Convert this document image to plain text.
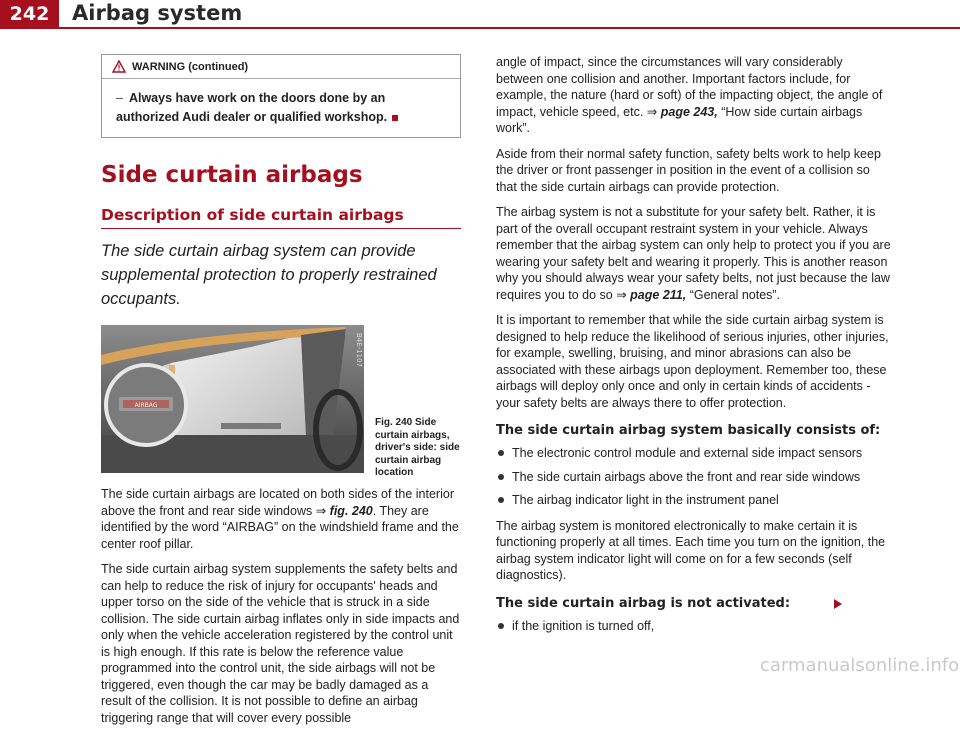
242	Airbag system
WARNING (continued)
– Always have work on the doors done by an authorized Audi dealer or qualified workshop.
Side curtain airbags
Description of side curtain airbags

The side curtain airbag system can provide supplemental protection to properly restrained occupants.

AIRBAG
B4E-1107
Fig. 240 Side curtain airbags, driver's side: side curtain airbag location

The side curtain airbags are located on both sides of the interior above the front and rear side windows ⇒ fig. 240. They are identified by the word “AIRBAG” on the windshield frame and the center roof pillar.

The side curtain airbag system supplements the safety belts and can help to reduce the risk of injury for occupants' heads and upper torso on the side of the vehicle that is struck in a side collision. The side curtain airbag inflates only in side impacts and only when the vehicle acceleration registered by the control unit is high enough. If this rate is below the reference value programmed into the control unit, the side airbags will not be triggered, even though the car may be badly damaged as a result of the collision. It is not possible to define an airbag triggering range that will cover every possible

angle of impact, since the circumstances will vary considerably between one collision and another. Important factors include, for example, the nature (hard or soft) of the impacting object, the angle of impact, vehicle speed, etc. ⇒ page 243, “How side curtain airbags work”.

Aside from their normal safety function, safety belts work to help keep the driver or front passenger in position in the event of a collision so that the side curtain airbags can provide protection.

The airbag system is not a substitute for your safety belt. Rather, it is part of the overall occupant restraint system in your vehicle. Always remember that the airbag system can only help to protect you if you are wearing your safety belt and wearing it properly. This is another reason why you should always wear your safety belts, not just because the law requires you to do so ⇒ page 211, “General notes”.

It is important to remember that while the side curtain airbag system is designed to help reduce the likelihood of serious injuries, other injuries, for example, swelling, bruising, and minor abrasions can also be associated with these airbags upon deployment. Remember too, these airbags will deploy only once and only in certain kinds of accidents - your safety belts are always there to offer protection.

The side curtain airbag system basically consists of:
The electronic control module and external side impact sensors
The side curtain airbags above the front and rear side windows
The airbag indicator light in the instrument panel

The airbag system is monitored electronically to make certain it is functioning properly at all times. Each time you turn on the ignition, the airbag system indicator light will come on for a few seconds (self diagnostics).

The side curtain airbag is not activated:
if the ignition is turned off,
carmanualsonline.info
